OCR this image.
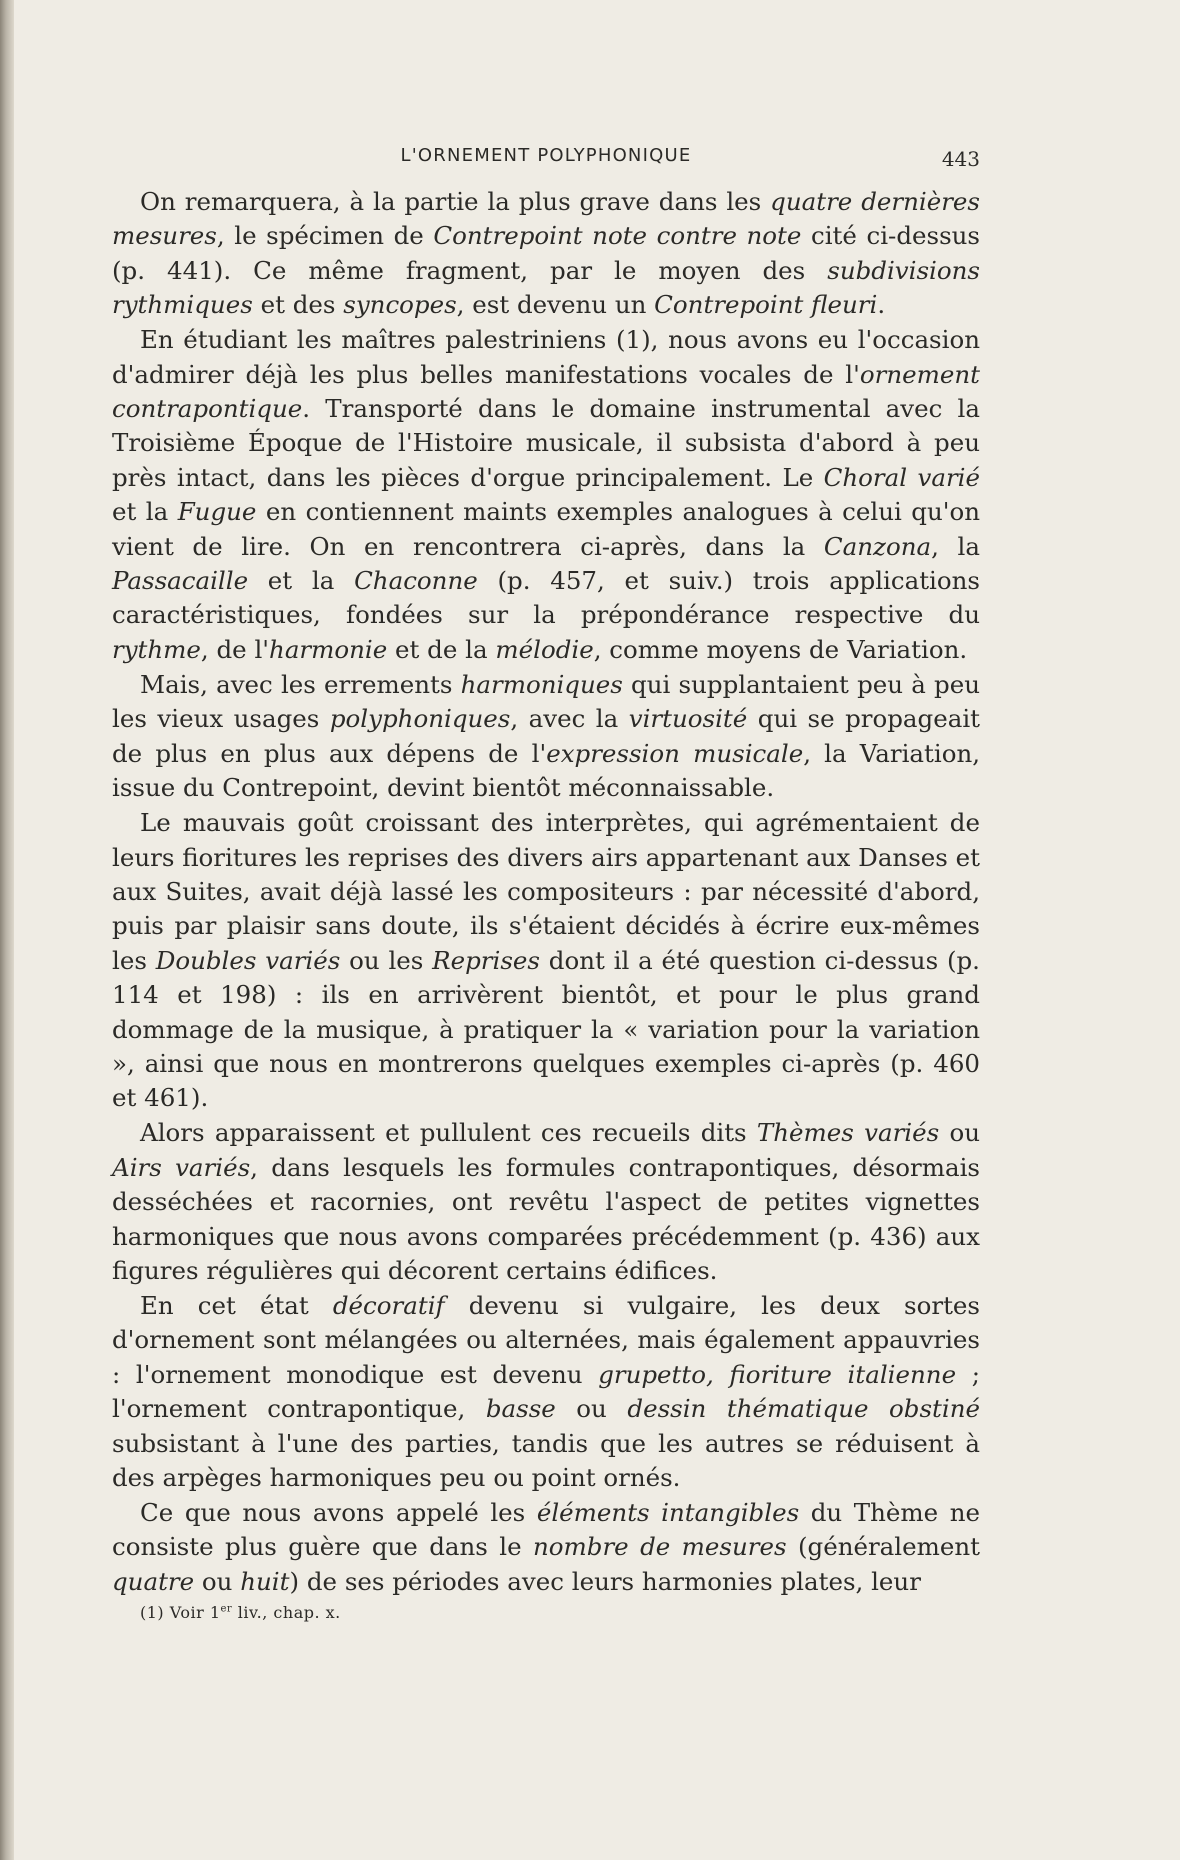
L'ORNEMENT POLYPHONIQUE	443

On remarquera, à la partie la plus grave dans les quatre dernières mesures, le spécimen de Contrepoint note contre note cité ci-dessus (p. 441). Ce même fragment, par le moyen des subdivisions rythmiques et des syncopes, est devenu un Contrepoint fleuri.

En étudiant les maîtres palestriniens (1), nous avons eu l'occasion d'admirer déjà les plus belles manifestations vocales de l'ornement contrapontique. Transporté dans le domaine instrumental avec la Troisième Époque de l'Histoire musicale, il subsista d'abord à peu près intact, dans les pièces d'orgue principalement. Le Choral varié et la Fugue en contiennent maints exemples analogues à celui qu'on vient de lire. On en rencontrera ci-après, dans la Canzona, la Passacaille et la Chaconne (p. 457, et suiv.) trois applications caractéristiques, fondées sur la prépondérance respective du rythme, de l'harmonie et de la mélodie, comme moyens de Variation.

Mais, avec les errements harmoniques qui supplantaient peu à peu les vieux usages polyphoniques, avec la virtuosité qui se propageait de plus en plus aux dépens de l'expression musicale, la Variation, issue du Contrepoint, devint bientôt méconnaissable.

Le mauvais goût croissant des interprètes, qui agrémentaient de leurs fioritures les reprises des divers airs appartenant aux Danses et aux Suites, avait déjà lassé les compositeurs : par nécessité d'abord, puis par plaisir sans doute, ils s'étaient décidés à écrire eux-mêmes les Doubles variés ou les Reprises dont il a été question ci-dessus (p. 114 et 198) : ils en arrivèrent bientôt, et pour le plus grand dommage de la musique, à pratiquer la « variation pour la variation », ainsi que nous en montrerons quelques exemples ci-après (p. 460 et 461).

Alors apparaissent et pullulent ces recueils dits Thèmes variés ou Airs variés, dans lesquels les formules contrapontiques, désormais desséchées et racornies, ont revêtu l'aspect de petites vignettes harmoniques que nous avons comparées précédemment (p. 436) aux figures régulières qui décorent certains édifices.

En cet état décoratif devenu si vulgaire, les deux sortes d'ornement sont mélangées ou alternées, mais également appauvries : l'ornement monodique est devenu grupetto, fioriture italienne ; l'ornement contrapontique, basse ou dessin thématique obstiné subsistant à l'une des parties, tandis que les autres se réduisent à des arpèges harmoniques peu ou point ornés.

Ce que nous avons appelé les éléments intangibles du Thème ne consiste plus guère que dans le nombre de mesures (généralement quatre ou huit) de ses périodes avec leurs harmonies plates, leur

(1) Voir 1er liv., chap. x.
